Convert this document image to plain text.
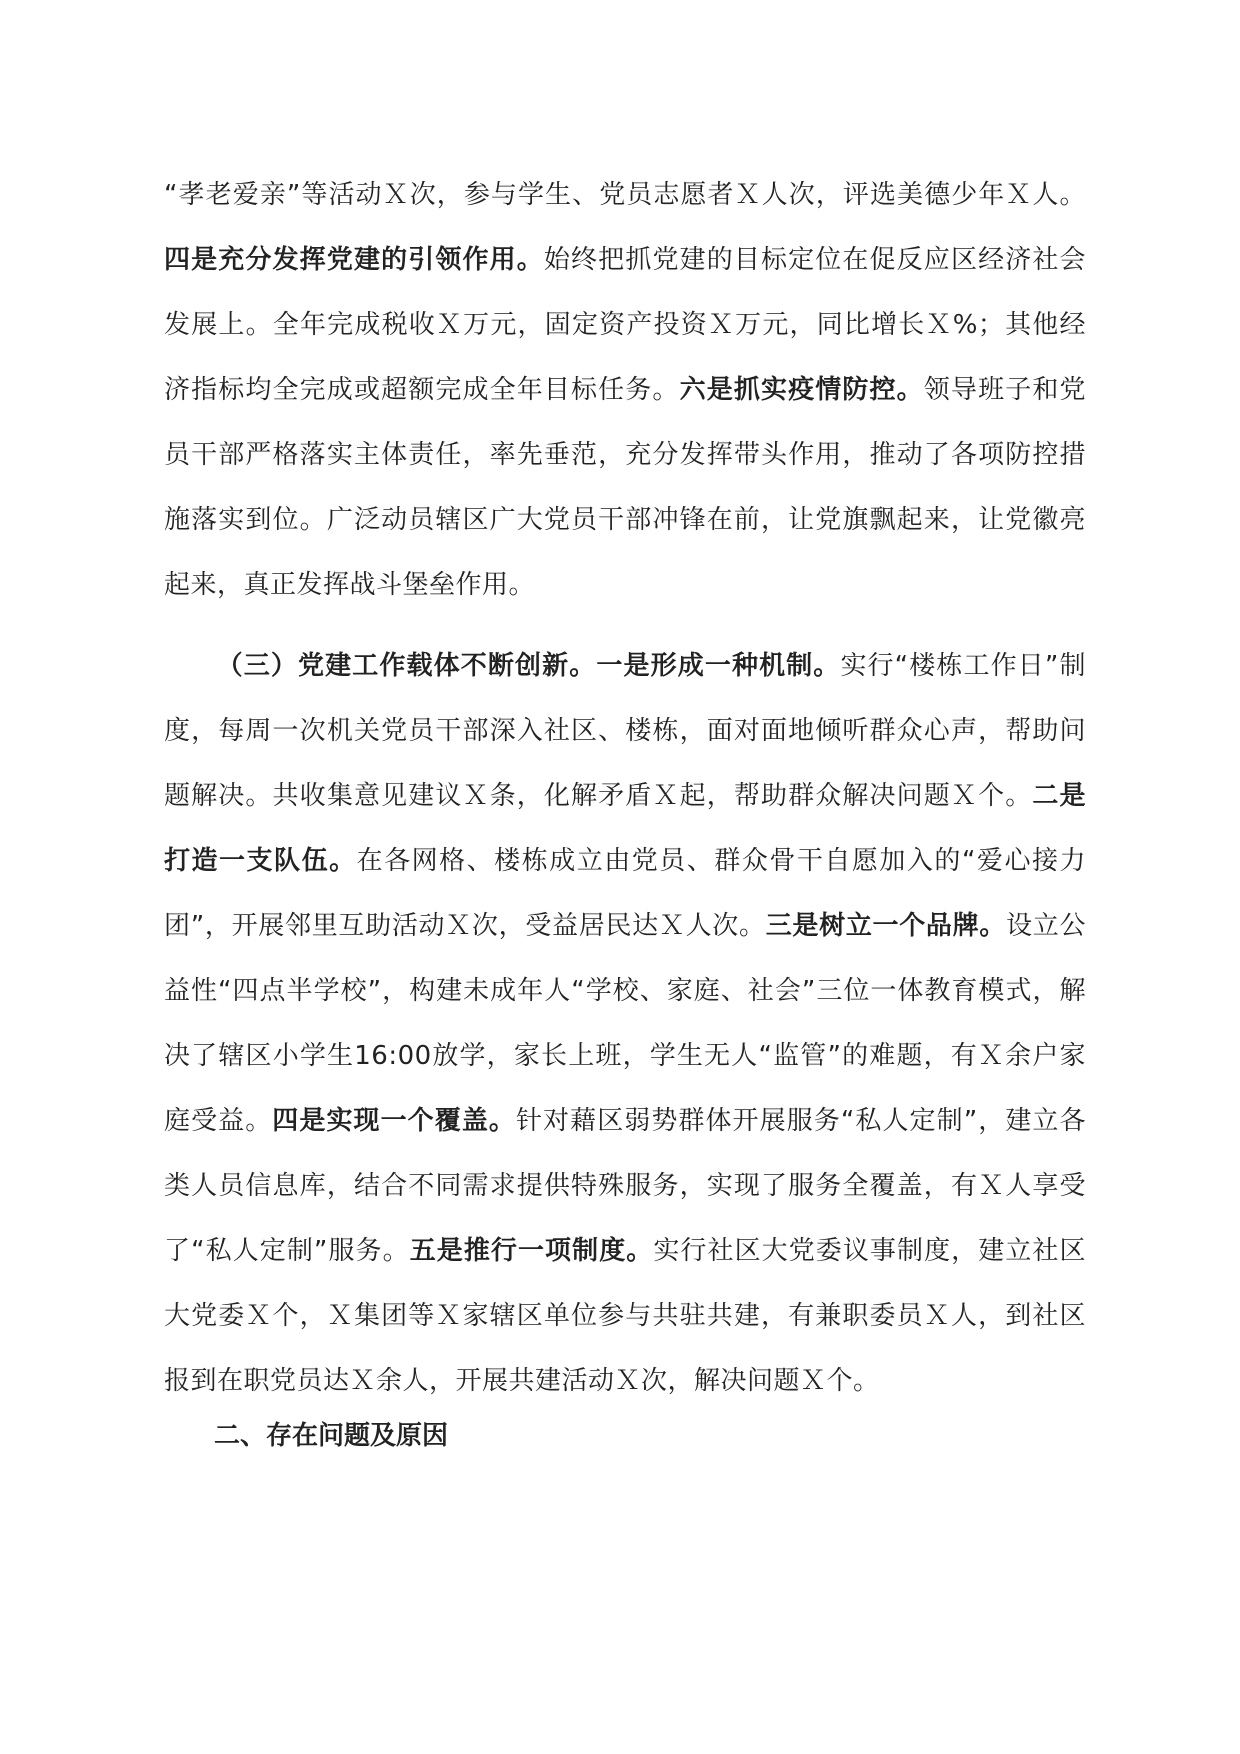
“孝老爱亲”等活动Ｘ次，参与学生、党员志愿者Ｘ人次，评选美德少年Ｘ人。四是充分发挥党建的引领作用。始终把抓党建的目标定位在促反应区经济社会发展上。全年完成税收Ｘ万元，固定资产投资Ｘ万元，同比增长Ｘ%；其他经济指标均全完成或超额完成全年目标任务。六是抓实疫情防控。领导班子和党员干部严格落实主体责任，率先垂范，充分发挥带头作用，推动了各项防控措施落实到位。广泛动员辖区广大党员干部冲锋在前，让党旗飘起来，让党徽亮起来，真正发挥战斗堡垒作用。

（三）党建工作载体不断创新。一是形成一种机制。实行“楼栋工作日”制度，每周一次机关党员干部深入社区、楼栋，面对面地倾听群众心声，帮助问题解决。共收集意见建议Ｘ条，化解矛盾Ｘ起，帮助群众解决问题Ｘ个。二是打造一支队伍。在各网格、楼栋成立由党员、群众骨干自愿加入的“爱心接力团”，开展邻里互助活动Ｘ次，受益居民达Ｘ人次。三是树立一个品牌。设立公益性“四点半学校”，构建未成年人“学校、家庭、社会”三位一体教育模式，解决了辖区小学生16:00放学，家长上班，学生无人“监管”的难题，有Ｘ余户家庭受益。四是实现一个覆盖。针对藉区弱势群体开展服务“私人定制”，建立各类人员信息库，结合不同需求提供特殊服务，实现了服务全覆盖，有Ｘ人享受了“私人定制”服务。五是推行一项制度。实行社区大党委议事制度，建立社区大党委Ｘ个，Ｘ集团等Ｘ家辖区单位参与共驻共建，有兼职委员Ｘ人，到社区报到在职党员达Ｘ余人，开展共建活动Ｘ次，解决问题Ｘ个。

二、存在问题及原因
